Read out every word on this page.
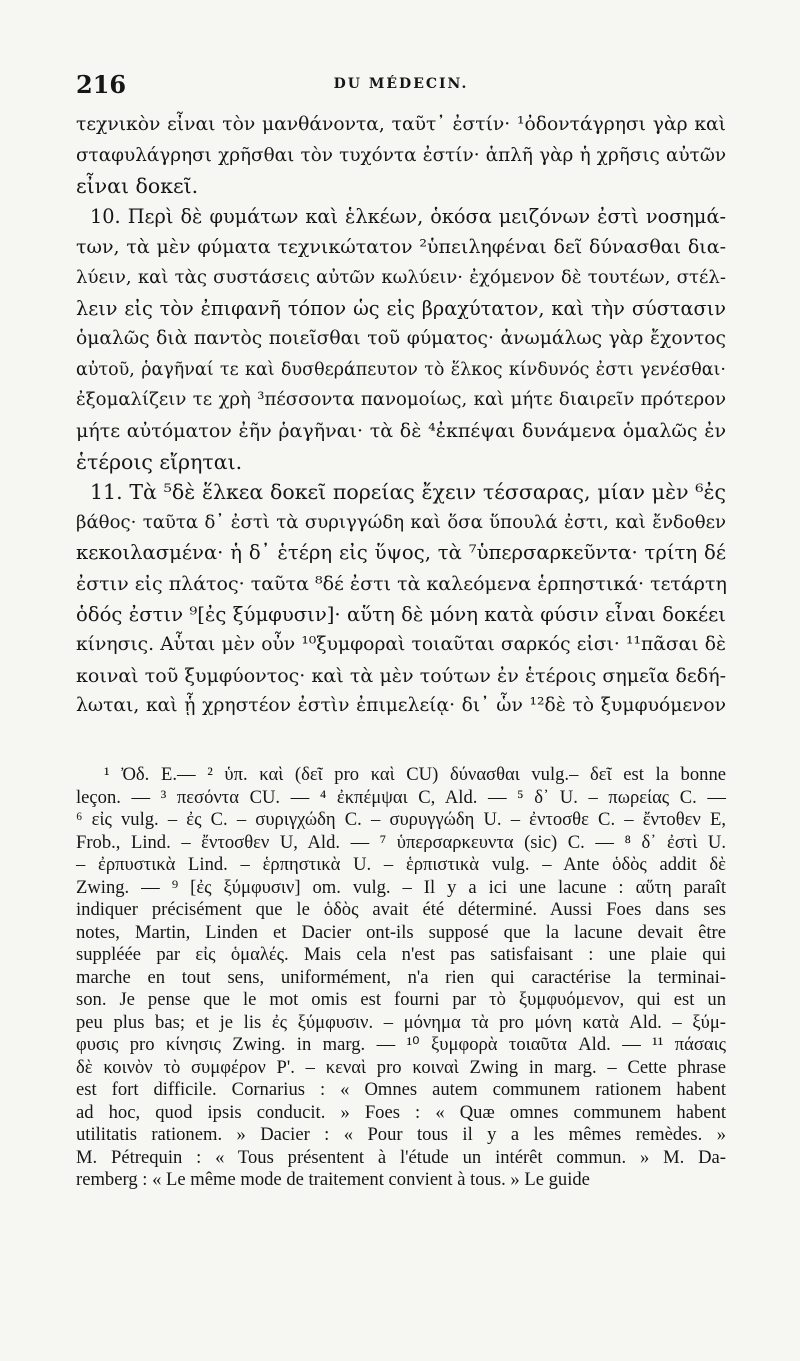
216	DU MÉDECIN.
τεχνικὸν εἶναι τὸν μανθάνοντα, ταῦτ᾽ ἐστίν· ¹ὀδοντάγρησι γὰρ καὶ
σταφυλάγρησι χρῆσθαι τὸν τυχόντα ἐστίν· ἁπλῆ γὰρ ἡ χρῆσις αὐτῶν
εἶναι δοκεῖ.
10. Περὶ δὲ φυμάτων καὶ ἑλκέων, ὁκόσα μειζόνων ἐστὶ νοσημά-
των, τὰ μὲν φύματα τεχνικώτατον ²ὑπειληφέναι δεῖ δύνασθαι δια-
λύειν, καὶ τὰς συστάσεις αὐτῶν κωλύειν· ἐχόμενον δὲ τουτέων, στέλ-
λειν εἰς τὸν ἐπιφανῆ τόπον ὡς εἰς βραχύτατον, καὶ τὴν σύστασιν
ὁμαλῶς διὰ παντὸς ποιεῖσθαι τοῦ φύματος· ἀνωμάλως γὰρ ἔχοντος
αὐτοῦ, ῥαγῆναί τε καὶ δυσθεράπευτον τὸ ἕλκος κίνδυνός ἐστι γενέσθαι·
ἐξομαλίζειν τε χρὴ ³πέσσοντα πανομοίως, καὶ μήτε διαιρεῖν πρότερον
μήτε αὐτόματον ἐῆν ῥαγῆναι· τὰ δὲ ⁴ἐκπέψαι δυνάμενα ὁμαλῶς ἐν
ἑτέροις εἴρηται.
11. Τὰ ⁵δὲ ἕλκεα δοκεῖ πορείας ἔχειν τέσσαρας, μίαν μὲν ⁶ἐς
βάθος· ταῦτα δ᾽ ἐστὶ τὰ συριγγώδη καὶ ὅσα ὕπουλά ἐστι, καὶ ἔνδοθεν
κεκοιλασμένα· ἡ δ᾽ ἑτέρη εἰς ὕψος, τὰ ⁷ὑπερσαρκεῦντα· τρίτη δέ
ἐστιν εἰς πλάτος· ταῦτα ⁸δέ ἐστι τὰ καλεόμενα ἑρπηστικά· τετάρτη
ὁδός ἐστιν ⁹[ἐς ξύμφυσιν]· αὕτη δὲ μόνη κατὰ φύσιν εἶναι δοκέει
κίνησις. Αὗται μὲν οὖν ¹⁰ξυμφοραὶ τοιαῦται σαρκός εἰσι· ¹¹πᾶσαι δὲ
κοιναὶ τοῦ ξυμφύοντος· καὶ τὰ μὲν τούτων ἐν ἑτέροις σημεῖα δεδή-
λωται, καὶ ᾗ χρηστέον ἐστὶν ἐπιμελείᾳ· δι᾽ ὧν ¹²δὲ τὸ ξυμφυόμενον
¹ Ὀδ. E.— ² ὑπ. καὶ (δεῖ pro καὶ CU) δύνασθαι vulg.– δεῖ est la bonne
leçon. — ³ πεσόντα CU. — ⁴ ἐκπέμψαι C, Ald. — ⁵ δ᾽ U. – πωρείας C. —
⁶ εἰς vulg. – ἐς C. – συριγχώδη C. – συρυγγώδη U. – ἐντοσθε C. – ἔντοθεν E,
Frob., Lind. – ἔντοσθεν U, Ald. — ⁷ ὑπερσαρκευντα (sic) C. — ⁸ δ᾽ ἐστὶ U.
– ἐρπυστικὰ Lind. – ἑρπηστικὰ U. – ἑρπιστικὰ vulg. – Ante ὁδὸς addit δὲ
Zwing. — ⁹ [ἐς ξύμφυσιν] om. vulg. – Il y a ici une lacune : αὕτη paraît
indiquer précisément que le ὁδὸς avait été déterminé. Aussi Foes dans ses
notes, Martin, Linden et Dacier ont-ils supposé que la lacune devait être
suppléée par εἰς ὁμαλές. Mais cela n'est pas satisfaisant : une plaie qui
marche en tout sens, uniformément, n'a rien qui caractérise la terminai-
son. Je pense que le mot omis est fourni par τὸ ξυμφυόμενον, qui est un
peu plus bas; et je lis ἐς ξύμφυσιν. – μόνημα τὰ pro μόνη κατὰ Ald. – ξύμ-
φυσις pro κίνησις Zwing. in marg. — ¹⁰ ξυμφορὰ τοιαῦτα Ald. — ¹¹ πάσαις
δὲ κοινὸν τὸ συμφέρον P'. – κεναὶ pro κοιναὶ Zwing in marg. – Cette phrase
est fort difficile. Cornarius : « Omnes autem communem rationem habent
ad hoc, quod ipsis conducit. » Foes : « Quæ omnes communem habent
utilitatis rationem. » Dacier : « Pour tous il y a les mêmes remèdes. »
M. Pétrequin : « Tous présentent à l'étude un intérêt commun. » M. Da-
remberg : « Le même mode de traitement convient à tous. » Le guide
